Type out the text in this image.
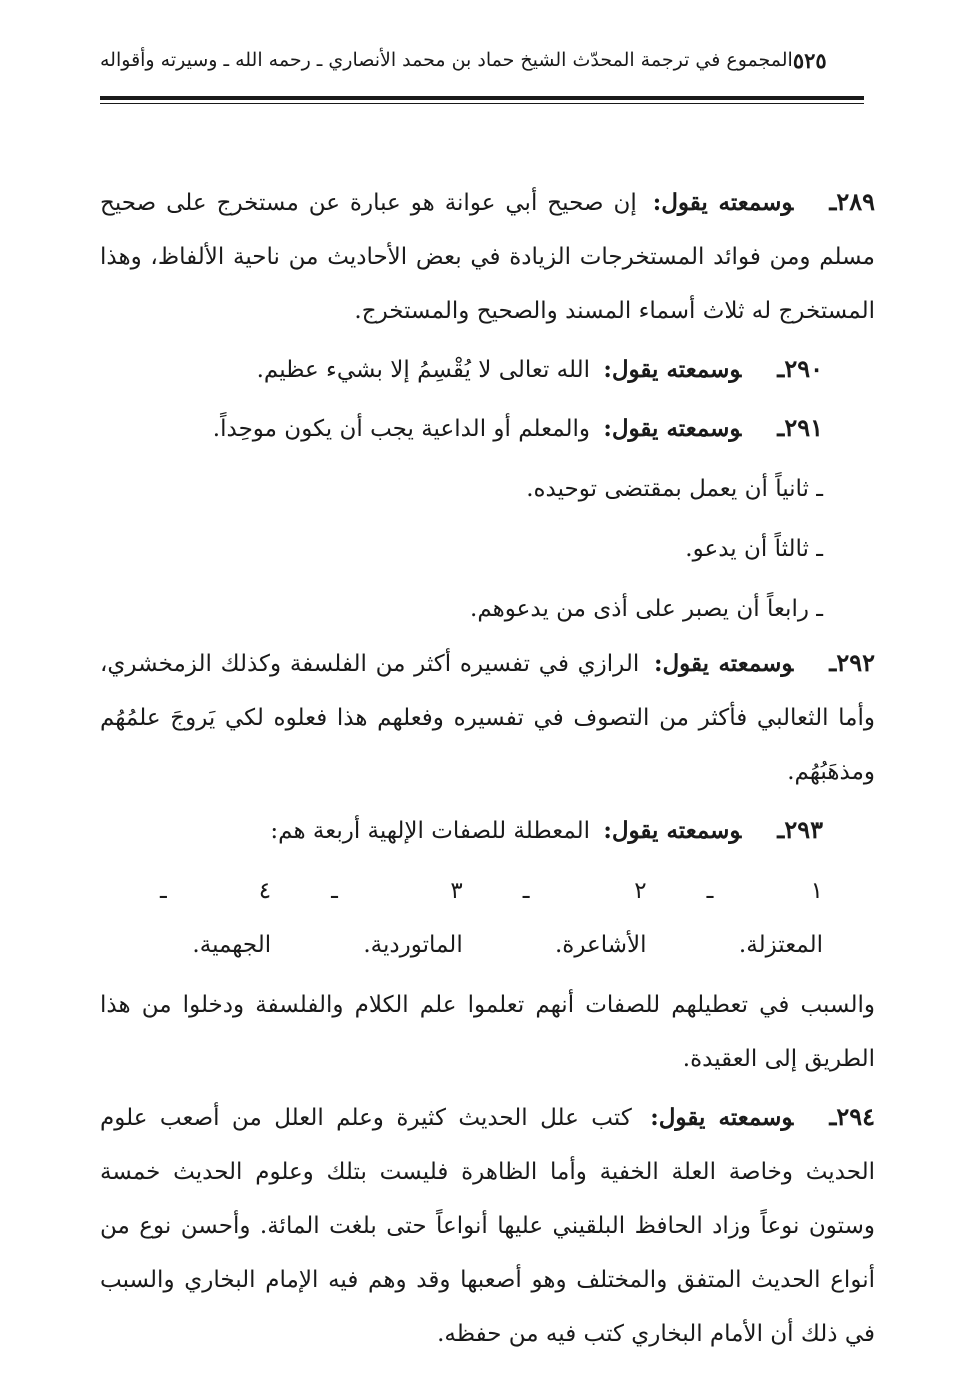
المجموع في ترجمة المحدّث الشيخ حماد بن محمد الأنصاري ـ رحمه الله ـ وسيرته وأقواله ٥٢٥

٢٨٩ـوسمعته يقول: إن صحيح أبي عوانة هو عبارة عن مستخرج على صحيح مسلم ومن فوائد المستخرجات الزيادة في بعض الأحاديث من ناحية الألفاظ، وهذا المستخرج له ثلاث أسماء المسند والصحيح والمستخرج.

٢٩٠ـوسمعته يقول: الله تعالى لا يُقْسِمُ إلا بشيء عظيم.

٢٩١ـوسمعته يقول: والمعلم أو الداعية يجب أن يكون موحِداً.

ـ ثانياً أن يعمل بمقتضى توحيده.

ـ ثالثاً أن يدعو.

ـ رابعاً أن يصبر على أذى من يدعوهم.

٢٩٢ـوسمعته يقول: الرازي في تفسيره أكثر من الفلسفة وكذلك الزمخشري، وأما الثعالبي فأكثر من التصوف في تفسيره وفعلهم هذا فعلوه لكي يَروجَ علمُهُم ومذهَبُهُم.

٢٩٣ـوسمعته يقول: المعطلة للصفات الإلهية أربعة هم:

١ ـ المعتزلة.
٢ ـ الأشاعرة.
٣ ـ الماتوردية.
٤ ـ الجهمية.

والسبب في تعطيلهم للصفات أنهم تعلموا علم الكلام والفلسفة ودخلوا من هذا الطريق إلى العقيدة.

٢٩٤ـوسمعته يقول: كتب علل الحديث كثيرة وعلم العلل من أصعب علوم الحديث وخاصة العلة الخفية وأما الظاهرة فليست بتلك وعلوم الحديث خمسة وستون نوعاً وزاد الحافظ البلقيني عليها أنواعاً حتى بلغت المائة. وأحسن نوع من أنواع الحديث المتفق والمختلف وهو أصعبها وقد وهم فيه الإمام البخاري والسبب في ذلك أن الأمام البخاري كتب فيه من حفظه.
